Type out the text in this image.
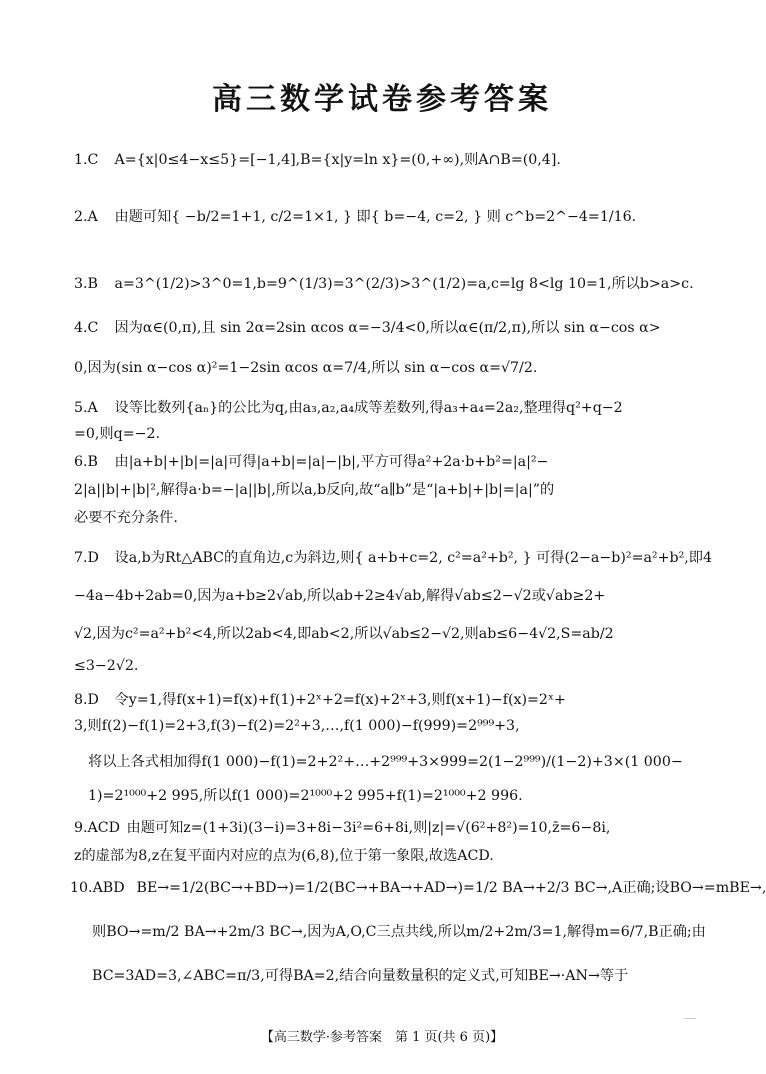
高三数学试卷参考答案
1.C A={x|0≤4−x≤5}=[−1,4],B={x|y=ln x}=(0,+∞),则A∩B=(0,4].
2.A 由题可知{ −b/2=1+1, c/2=1×1, } 即{ b=−4, c=2, } 则 c^b=2^−4=1/16.
3.B a=3^(1/2)>3^0=1,b=9^(1/3)=3^(2/3)>3^(1/2)=a,c=lg 8<lg 10=1,所以b>a>c.
4.C 因为α∈(0,π),且 sin 2α=2sin αcos α=−3/4<0,所以α∈(π/2,π),所以 sin α−cos α>
0,因为(sin α−cos α)²=1−2sin αcos α=7/4,所以 sin α−cos α=√7/2.
5.A 设等比数列{aₙ}的公比为q,由a₃,a₂,a₄成等差数列,得a₃+a₄=2a₂,整理得q²+q−2
=0,则q=−2.
6.B 由|a+b|+|b|=|a|可得|a+b|=|a|−|b|,平方可得a²+2a·b+b²=|a|²−
2|a||b|+|b|²,解得a·b=−|a||b|,所以a,b反向,故“a∥b”是“|a+b|+|b|=|a|”的
必要不充分条件.
7.D 设a,b为Rt△ABC的直角边,c为斜边,则{ a+b+c=2, c²=a²+b², } 可得(2−a−b)²=a²+b²,即4
−4a−4b+2ab=0,因为a+b≥2√ab,所以ab+2≥4√ab,解得√ab≤2−√2或√ab≥2+
√2,因为c²=a²+b²<4,所以2ab<4,即ab<2,所以√ab≤2−√2,则ab≤6−4√2,S=ab/2
≤3−2√2.
8.D 令y=1,得f(x+1)=f(x)+f(1)+2ˣ+2=f(x)+2ˣ+3,则f(x+1)−f(x)=2ˣ+
3,则f(2)−f(1)=2+3,f(3)−f(2)=2²+3,…,f(1 000)−f(999)=2⁹⁹⁹+3,
将以上各式相加得f(1 000)−f(1)=2+2²+…+2⁹⁹⁹+3×999=2(1−2⁹⁹⁹)/(1−2)+3×(1 000−
1)=2¹⁰⁰⁰+2 995,所以f(1 000)=2¹⁰⁰⁰+2 995+f(1)=2¹⁰⁰⁰+2 996.
9.ACD 由题可知z=(1+3i)(3−i)=3+8i−3i²=6+8i,则|z|=√(6²+8²)=10,z̄=6−8i,
z的虚部为8,z在复平面内对应的点为(6,8),位于第一象限,故选ACD.
10.ABD BE→=1/2(BC→+BD→)=1/2(BC→+BA→+AD→)=1/2 BA→+2/3 BC→,A正确;设BO→=mBE→,
则BO→=m/2 BA→+2m/3 BC→,因为A,O,C三点共线,所以m/2+2m/3=1,解得m=6/7,B正确;由
BC=3AD=3,∠ABC=π/3,可得BA=2,结合向量数量积的定义式,可知BE→·AN→等于
【高三数学·参考答案　第 1 页(共 6 页)】
